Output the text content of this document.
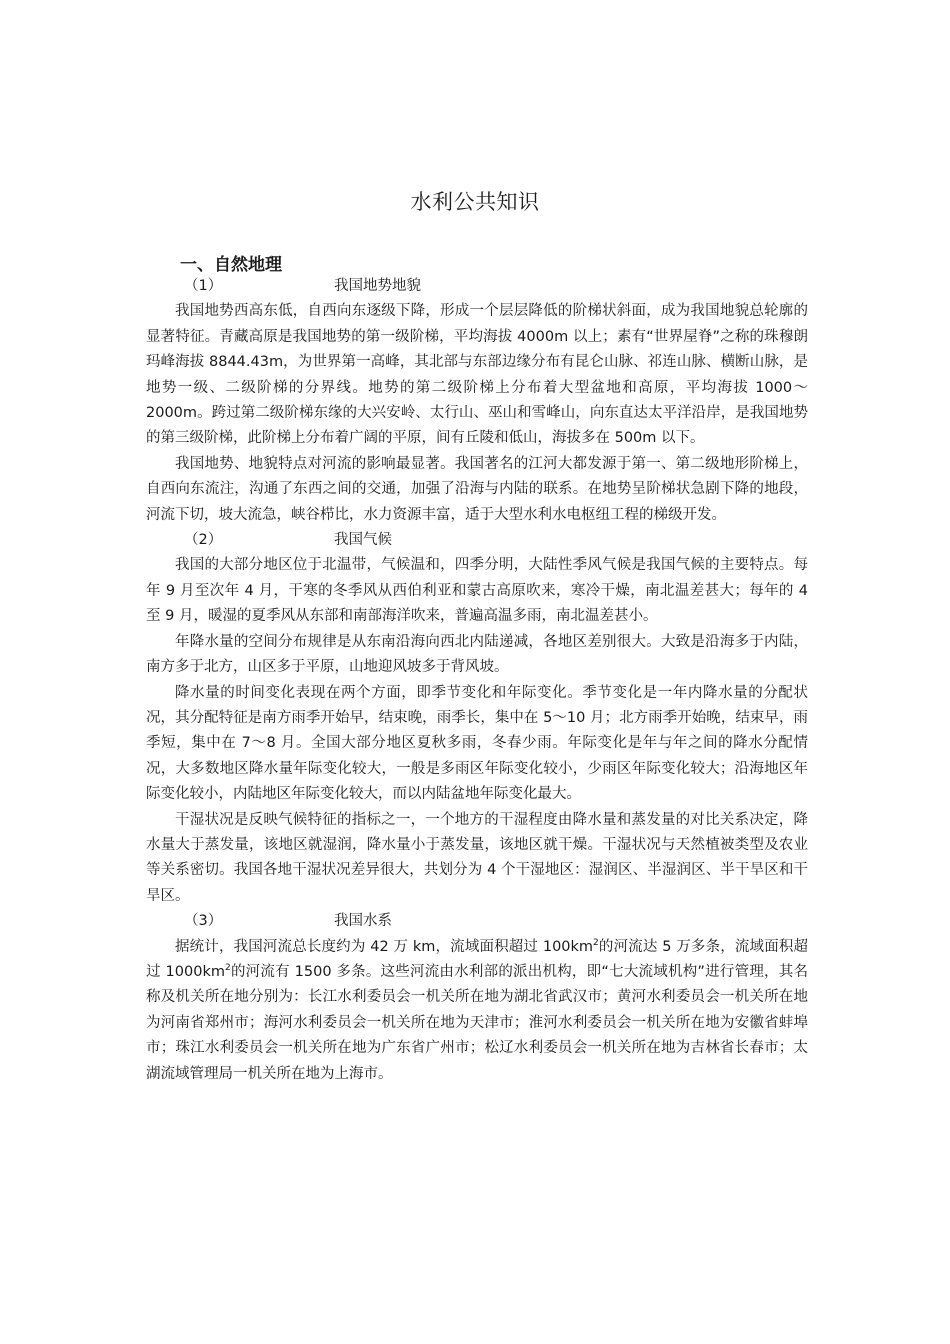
水利公共知识
一、自然地理
（1）	我国地势地貌

我国地势西高东低，自西向东逐级下降，形成一个层层降低的阶梯状斜面，成为我国地貌总轮廓的显著特征。青藏高原是我国地势的第一级阶梯，平均海拔 4000m 以上；素有“世界屋脊”之称的珠穆朗玛峰海拔 8844.43m，为世界第一高峰，其北部与东部边缘分布有昆仑山脉、祁连山脉、横断山脉，是地势一级、二级阶梯的分界线。地势的第二级阶梯上分布着大型盆地和高原，平均海拔 1000～2000m。跨过第二级阶梯东缘的大兴安岭、太行山、巫山和雪峰山，向东直达太平洋沿岸，是我国地势的第三级阶梯，此阶梯上分布着广阔的平原，间有丘陵和低山，海拔多在 500m 以下。

我国地势、地貌特点对河流的影响最显著。我国著名的江河大都发源于第一、第二级地形阶梯上，自西向东流注，沟通了东西之间的交通，加强了沿海与内陆的联系。在地势呈阶梯状急剧下降的地段，河流下切，坡大流急，峡谷栉比，水力资源丰富，适于大型水利水电枢纽工程的梯级开发。

（2）	我国气候

我国的大部分地区位于北温带，气候温和，四季分明，大陆性季风气候是我国气候的主要特点。每年 9 月至次年 4 月，干寒的冬季风从西伯利亚和蒙古高原吹来，寒冷干燥，南北温差甚大；每年的 4 至 9 月，暖湿的夏季风从东部和南部海洋吹来，普遍高温多雨，南北温差甚小。

年降水量的空间分布规律是从东南沿海向西北内陆递减，各地区差别很大。大致是沿海多于内陆，南方多于北方，山区多于平原，山地迎风坡多于背风坡。

降水量的时间变化表现在两个方面，即季节变化和年际变化。季节变化是一年内降水量的分配状况，其分配特征是南方雨季开始早，结束晚，雨季长，集中在 5～10 月；北方雨季开始晚，结束早，雨季短，集中在 7～8 月。全国大部分地区夏秋多雨，冬春少雨。年际变化是年与年之间的降水分配情况，大多数地区降水量年际变化较大，一般是多雨区年际变化较小，少雨区年际变化较大；沿海地区年际变化较小，内陆地区年际变化较大，而以内陆盆地年际变化最大。

干湿状况是反映气候特征的指标之一，一个地方的干湿程度由降水量和蒸发量的对比关系决定，降水量大于蒸发量，该地区就湿润，降水量小于蒸发量，该地区就干燥。干湿状况与天然植被类型及农业等关系密切。我国各地干湿状况差异很大，共划分为 4 个干湿地区：湿润区、半湿润区、半干旱区和干旱区。

（3）	我国水系

据统计，我国河流总长度约为 42 万 km，流域面积超过 $100km^2$的河流达 5 万多条，流域面积超过 $1000km^2$的河流有 1500 多条。这些河流由水利部的派出机构，即“七大流域机构”进行管理，其名称及机关所在地分别为：长江水利委员会一机关所在地为湖北省武汉市；黄河水利委员会一机关所在地为河南省郑州市；海河水利委员会一机关所在地为天津市；淮河水利委员会一机关所在地为安徽省蚌埠市；珠江水利委员会一机关所在地为广东省广州市；松辽水利委员会一机关所在地为吉林省长春市；太湖流域管理局一机关所在地为上海市。
